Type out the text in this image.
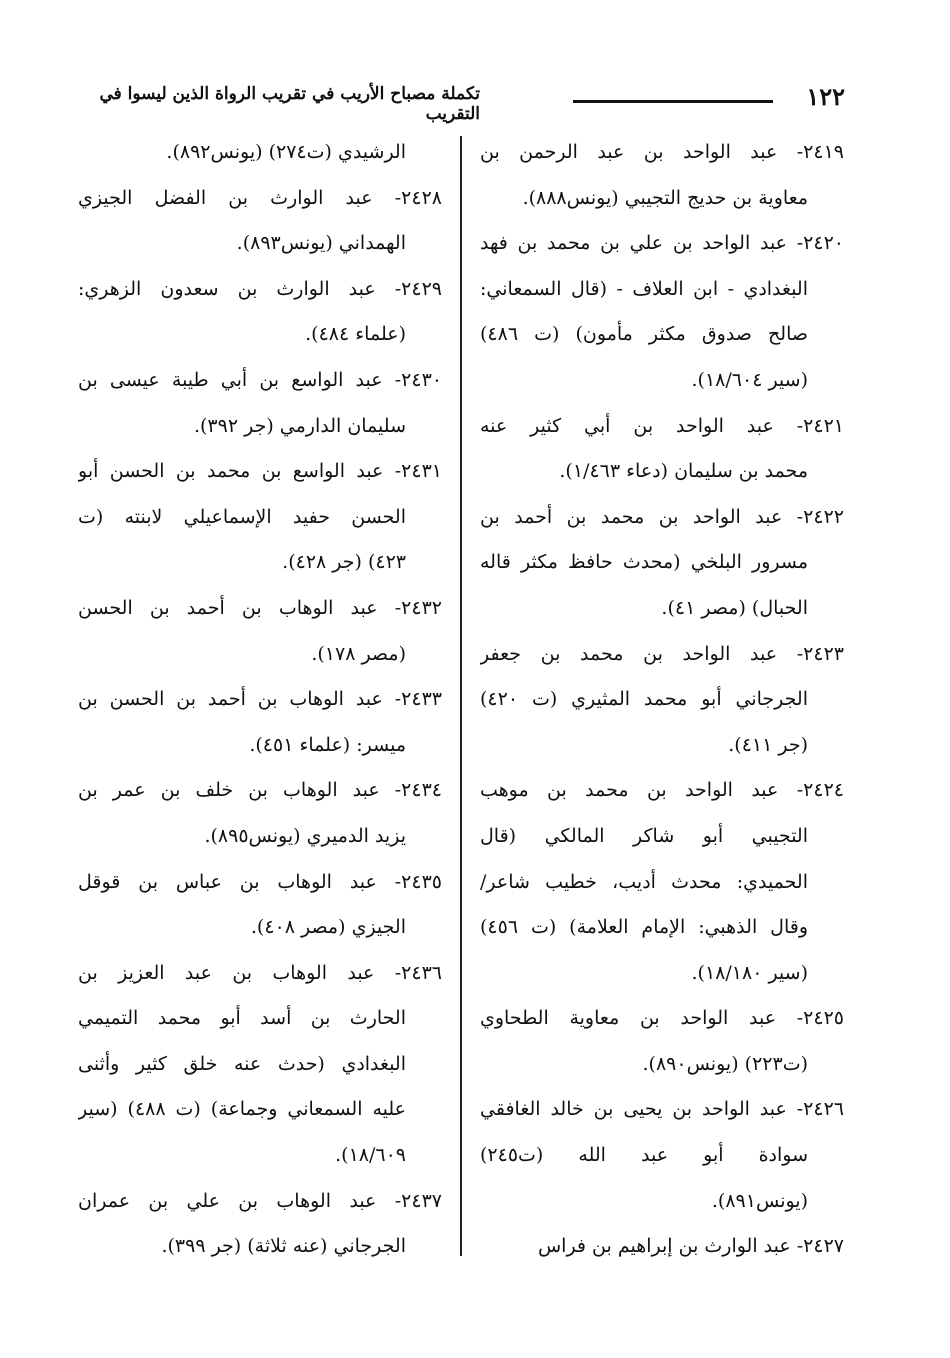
١٢٢
تكملة مصباح الأريب في تقريب الرواة الذين ليسوا في التقريب
٢٤١٩- عبد الواحد بن عبد الرحمن بن
معاوية بن حديج التجيبي (يونس٨٨٨).
٢٤٢٠- عبد الواحد بن علي بن محمد بن فهد
البغدادي - ابن العلاف - (قال السمعاني:
صالح صدوق مكثر مأمون) (ت ٤٨٦)
(سير ١٨/٦٠٤).
٢٤٢١- عبد الواحد بن أبي كثير عنه
محمد بن سليمان (دعاء ١/٤٦٣).
٢٤٢٢- عبد الواحد بن محمد بن أحمد بن
مسرور البلخي (محدث حافظ مكثر قاله
الحبال) (مصر ٤١).
٢٤٢٣- عبد الواحد بن محمد بن جعفر
الجرجاني أبو محمد المثيري (ت ٤٢٠)
(جر ٤١١).
٢٤٢٤- عبد الواحد بن محمد بن موهب
التجيبي أبو شاكر المالكي (قال
الحميدي: محدث أديب، خطيب شاعر/
وقال الذهبي: الإمام العلامة) (ت ٤٥٦)
(سير ١٨/١٨٠).
٢٤٢٥- عبد الواحد بن معاوية الطحاوي
(ت٢٢٣) (يونس٨٩٠).
٢٤٢٦- عبد الواحد بن يحيى بن خالد الغافقي
سوادة أبو عبد الله (ت٢٤٥)
(يونس٨٩١).
٢٤٢٧- عبد الوارث بن إبراهيم بن فراس
الرشيدي (ت٢٧٤) (يونس٨٩٢).
٢٤٢٨- عبد الوارث بن الفضل الجيزي
الهمداني (يونس٨٩٣).
٢٤٢٩- عبد الوارث بن سعدون الزهري:
(علماء ٤٨٤).
٢٤٣٠- عبد الواسع بن أبي طيبة عيسى بن
سليمان الدارمي (جر ٣٩٢).
٢٤٣١- عبد الواسع بن محمد بن الحسن أبو
الحسن حفيد الإسماعيلي لابنته (ت
٤٢٣) (جر ٤٢٨).
٢٤٣٢- عبد الوهاب بن أحمد بن الحسن
(مصر ١٧٨).
٢٤٣٣- عبد الوهاب بن أحمد بن الحسن بن
ميسر: (علماء ٤٥١).
٢٤٣٤- عبد الوهاب بن خلف بن عمر بن
يزيد الدميري (يونس٨٩٥).
٢٤٣٥- عبد الوهاب بن عباس بن قوقل
الجيزي (مصر ٤٠٨).
٢٤٣٦- عبد الوهاب بن عبد العزيز بن
الحارث بن أسد أبو محمد التميمي
البغدادي (حدث عنه خلق كثير وأثنى
عليه السمعاني وجماعة) (ت ٤٨٨) (سير
١٨/٦٠٩).
٢٤٣٧- عبد الوهاب بن علي بن عمران
الجرجاني (عنه ثلاثة) (جر ٣٩٩).
